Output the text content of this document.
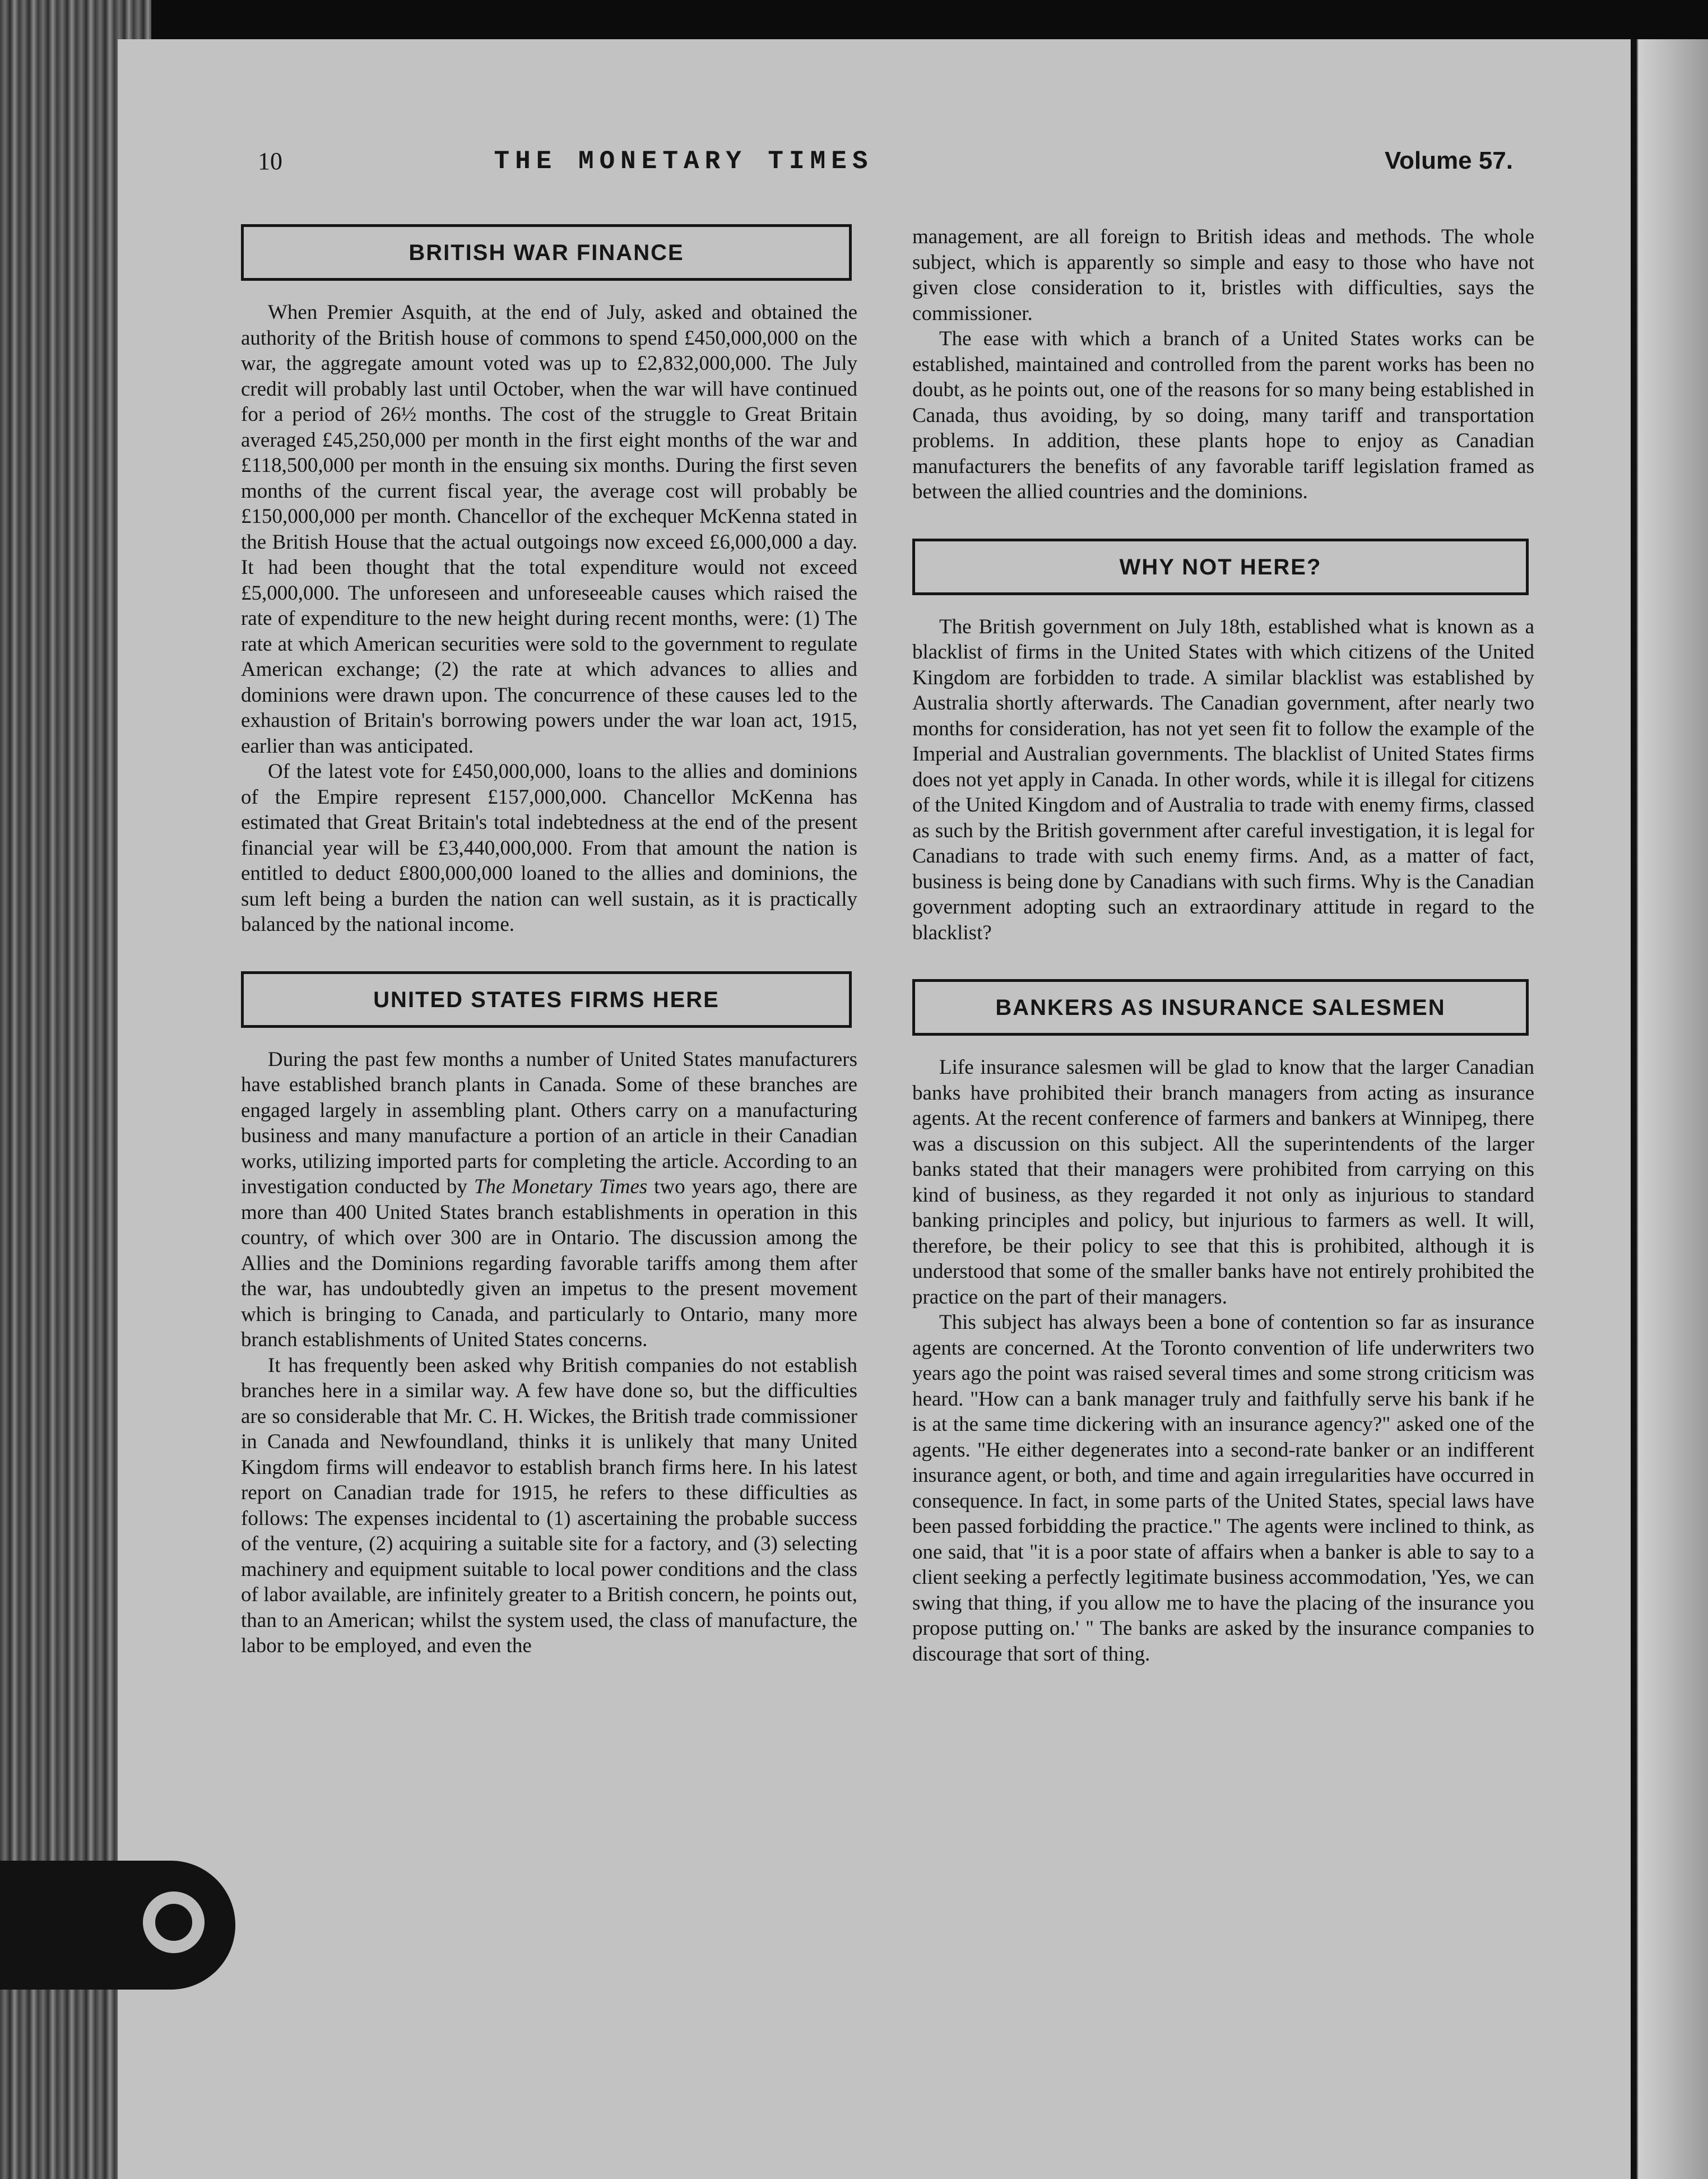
10	THE MONETARY TIMES	Volume 57.
BRITISH WAR FINANCE

When Premier Asquith, at the end of July, asked and obtained the authority of the British house of commons to spend £450,000,000 on the war, the aggregate amount voted was up to £2,832,000,000. The July credit will probably last until October, when the war will have continued for a period of 26½ months. The cost of the struggle to Great Britain averaged £45,250,000 per month in the first eight months of the war and £118,500,000 per month in the ensuing six months. During the first seven months of the current fiscal year, the average cost will probably be £150,000,000 per month. Chancellor of the exchequer McKenna stated in the British House that the actual outgoings now exceed £6,000,000 a day. It had been thought that the total expenditure would not exceed £5,000,000. The unforeseen and unforeseeable causes which raised the rate of expenditure to the new height during recent months, were: (1) The rate at which American securities were sold to the government to regulate American exchange; (2) the rate at which advances to allies and dominions were drawn upon. The concurrence of these causes led to the exhaustion of Britain's borrowing powers under the war loan act, 1915, earlier than was anticipated.

Of the latest vote for £450,000,000, loans to the allies and dominions of the Empire represent £157,000,000. Chancellor McKenna has estimated that Great Britain's total indebtedness at the end of the present financial year will be £3,440,000,000. From that amount the nation is entitled to deduct £800,000,000 loaned to the allies and dominions, the sum left being a burden the nation can well sustain, as it is practically balanced by the national income.

UNITED STATES FIRMS HERE

During the past few months a number of United States manufacturers have established branch plants in Canada. Some of these branches are engaged largely in assembling plant. Others carry on a manufacturing business and many manufacture a portion of an article in their Canadian works, utilizing imported parts for completing the article. According to an investigation conducted by The Monetary Times two years ago, there are more than 400 United States branch establishments in operation in this country, of which over 300 are in Ontario. The discussion among the Allies and the Dominions regarding favorable tariffs among them after the war, has undoubtedly given an impetus to the present movement which is bringing to Canada, and particularly to Ontario, many more branch establishments of United States concerns.

It has frequently been asked why British companies do not establish branches here in a similar way. A few have done so, but the difficulties are so considerable that Mr. C. H. Wickes, the British trade commissioner in Canada and Newfoundland, thinks it is unlikely that many United Kingdom firms will endeavor to establish branch firms here. In his latest report on Canadian trade for 1915, he refers to these difficulties as follows: The expenses incidental to (1) ascertaining the probable success of the venture, (2) acquiring a suitable site for a factory, and (3) selecting machinery and equipment suitable to local power conditions and the class of labor available, are infinitely greater to a British concern, he points out, than to an American; whilst the system used, the class of manufacture, the labor to be employed, and even the

management, are all foreign to British ideas and methods. The whole subject, which is apparently so simple and easy to those who have not given close consideration to it, bristles with difficulties, says the commissioner.

The ease with which a branch of a United States works can be established, maintained and controlled from the parent works has been no doubt, as he points out, one of the reasons for so many being established in Canada, thus avoiding, by so doing, many tariff and transportation problems. In addition, these plants hope to enjoy as Canadian manufacturers the benefits of any favorable tariff legislation framed as between the allied countries and the dominions.

WHY NOT HERE?

The British government on July 18th, established what is known as a blacklist of firms in the United States with which citizens of the United Kingdom are forbidden to trade. A similar blacklist was established by Australia shortly afterwards. The Canadian government, after nearly two months for consideration, has not yet seen fit to follow the example of the Imperial and Australian governments. The blacklist of United States firms does not yet apply in Canada. In other words, while it is illegal for citizens of the United Kingdom and of Australia to trade with enemy firms, classed as such by the British government after careful investigation, it is legal for Canadians to trade with such enemy firms. And, as a matter of fact, business is being done by Canadians with such firms. Why is the Canadian government adopting such an extraordinary attitude in regard to the blacklist?

BANKERS AS INSURANCE SALESMEN

Life insurance salesmen will be glad to know that the larger Canadian banks have prohibited their branch managers from acting as insurance agents. At the recent conference of farmers and bankers at Winnipeg, there was a discussion on this subject. All the superintendents of the larger banks stated that their managers were prohibited from carrying on this kind of business, as they regarded it not only as injurious to standard banking principles and policy, but injurious to farmers as well. It will, therefore, be their policy to see that this is prohibited, although it is understood that some of the smaller banks have not entirely prohibited the practice on the part of their managers.

This subject has always been a bone of contention so far as insurance agents are concerned. At the Toronto convention of life underwriters two years ago the point was raised several times and some strong criticism was heard. "How can a bank manager truly and faithfully serve his bank if he is at the same time dickering with an insurance agency?" asked one of the agents. "He either degenerates into a second-rate banker or an indifferent insurance agent, or both, and time and again irregularities have occurred in consequence. In fact, in some parts of the United States, special laws have been passed forbidding the practice." The agents were inclined to think, as one said, that "it is a poor state of affairs when a banker is able to say to a client seeking a perfectly legitimate business accommodation, 'Yes, we can swing that thing, if you allow me to have the placing of the insurance you propose putting on.' " The banks are asked by the insurance companies to discourage that sort of thing.
